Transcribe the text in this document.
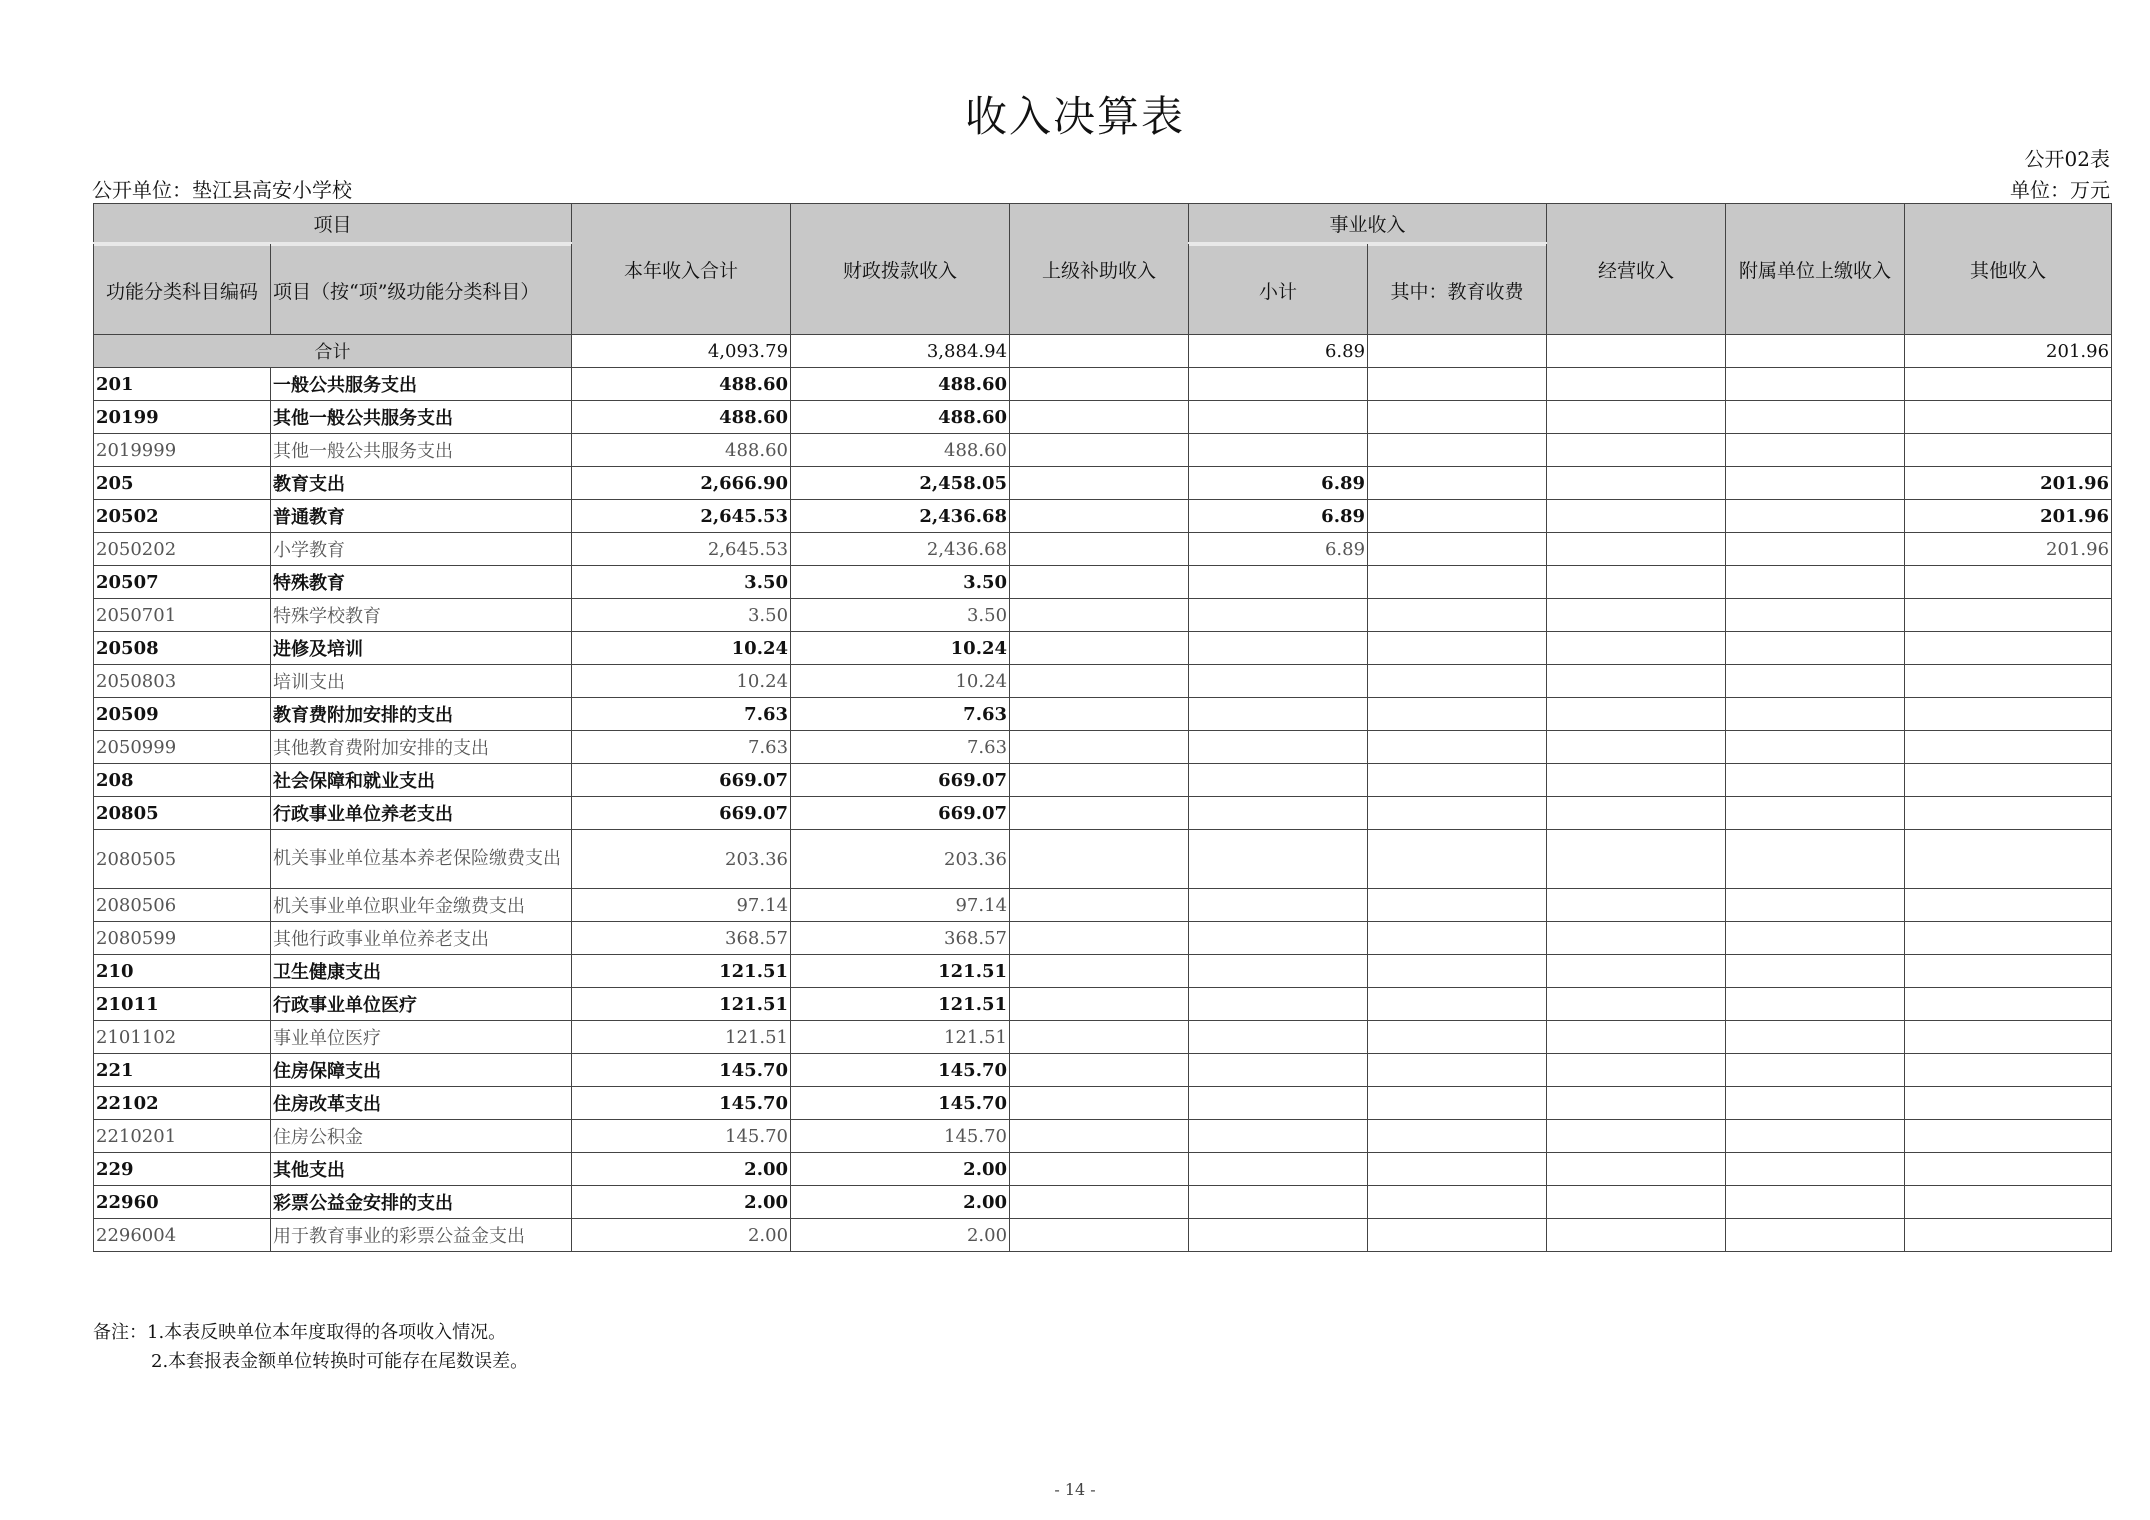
收入决算表
公开02表
公开单位：垫江县高安小学校	单位：万元
项目		本年收入合计	财政拨款收入	上级补助收入	事业收入		经营收入	附属单位上缴收入	其他收入
功能分类科目编码	项目（按“项”级功能分类科目）				小计	其中：教育收费			

合计		4,093.79	3,884.94		6.89				201.96
201	一般公共服务支出	488.60	488.60						
20199	其他一般公共服务支出	488.60	488.60						
2019999	其他一般公共服务支出	488.60	488.60						
205	教育支出	2,666.90	2,458.05		6.89				201.96
20502	普通教育	2,645.53	2,436.68		6.89				201.96
2050202	小学教育	2,645.53	2,436.68		6.89				201.96
20507	特殊教育	3.50	3.50						
2050701	特殊学校教育	3.50	3.50						
20508	进修及培训	10.24	10.24						
2050803	培训支出	10.24	10.24						
20509	教育费附加安排的支出	7.63	7.63						
2050999	其他教育费附加安排的支出	7.63	7.63						
208	社会保障和就业支出	669.07	669.07						
20805	行政事业单位养老支出	669.07	669.07						
2080505	机关事业单位基本养老保险缴费支出	203.36	203.36						
2080506	机关事业单位职业年金缴费支出	97.14	97.14						
2080599	其他行政事业单位养老支出	368.57	368.57						
210	卫生健康支出	121.51	121.51						
21011	行政事业单位医疗	121.51	121.51						
2101102	事业单位医疗	121.51	121.51						
221	住房保障支出	145.70	145.70						
22102	住房改革支出	145.70	145.70						
2210201	住房公积金	145.70	145.70						
229	其他支出	2.00	2.00						
22960	彩票公益金安排的支出	2.00	2.00						
2296004	用于教育事业的彩票公益金支出	2.00	2.00						
备注：1.本表反映单位本年度取得的各项收入情况。
2.本套报表金额单位转换时可能存在尾数误差。
- 14 -
